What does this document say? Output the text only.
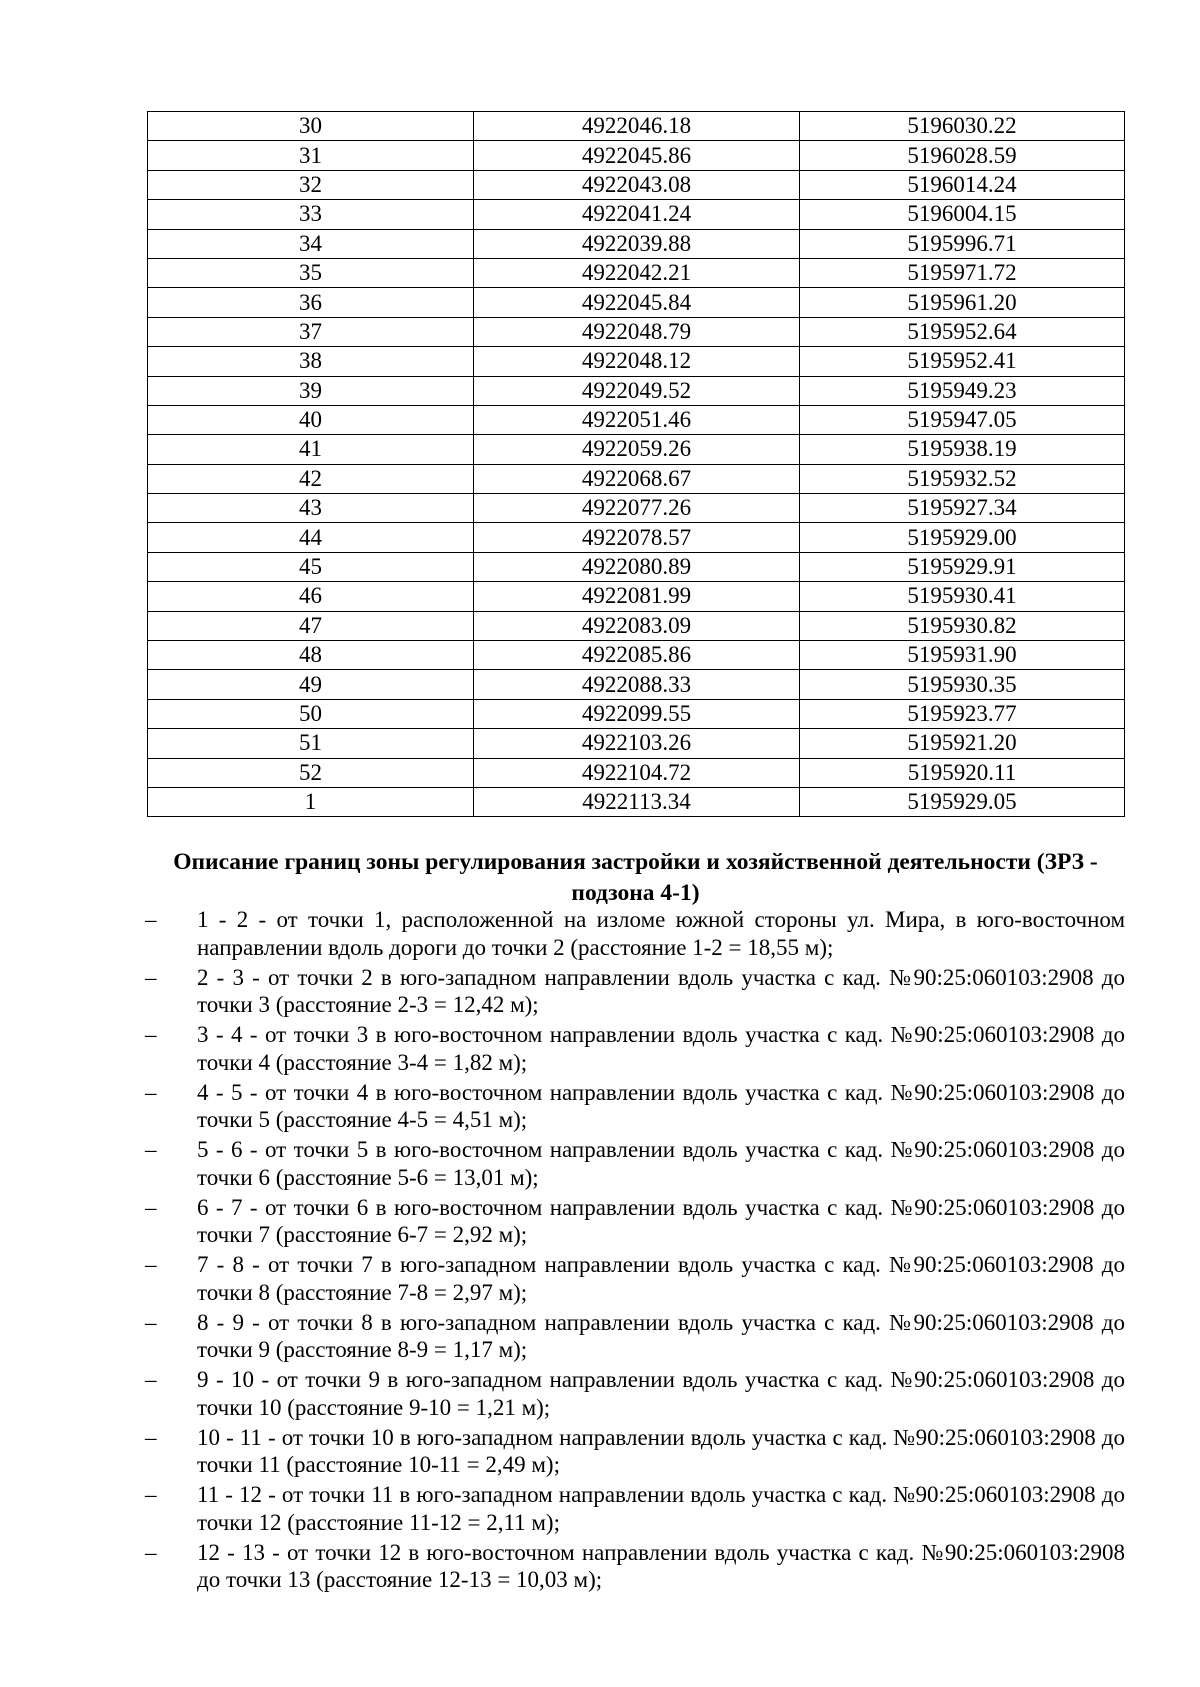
30	4922046.18	5196030.22
31	4922045.86	5196028.59
32	4922043.08	5196014.24
33	4922041.24	5196004.15
34	4922039.88	5195996.71
35	4922042.21	5195971.72
36	4922045.84	5195961.20
37	4922048.79	5195952.64
38	4922048.12	5195952.41
39	4922049.52	5195949.23
40	4922051.46	5195947.05
41	4922059.26	5195938.19
42	4922068.67	5195932.52
43	4922077.26	5195927.34
44	4922078.57	5195929.00
45	4922080.89	5195929.91
46	4922081.99	5195930.41
47	4922083.09	5195930.82
48	4922085.86	5195931.90
49	4922088.33	5195930.35
50	4922099.55	5195923.77
51	4922103.26	5195921.20
52	4922104.72	5195920.11
1	4922113.34	5195929.05
Описание границ зоны регулирования застройки и хозяйственной деятельности (ЗРЗ -
подзона 4-1)
– 1 - 2 - от точки 1, расположенной на изломе южной стороны ул. Мира, в юго-восточном направлении вдоль дороги до точки 2 (расстояние 1-2 = 18,55 м);
– 2 - 3 - от точки 2 в юго-западном направлении вдоль участка с кад. №90:25:060103:2908 до точки 3 (расстояние 2-3 = 12,42 м);
– 3 - 4 - от точки 3 в юго-восточном направлении вдоль участка с кад. №90:25:060103:2908 до точки 4 (расстояние 3-4 = 1,82 м);
– 4 - 5 - от точки 4 в юго-восточном направлении вдоль участка с кад. №90:25:060103:2908 до точки 5 (расстояние 4-5 = 4,51 м);
– 5 - 6 - от точки 5 в юго-восточном направлении вдоль участка с кад. №90:25:060103:2908 до точки 6 (расстояние 5-6 = 13,01 м);
– 6 - 7 - от точки 6 в юго-восточном направлении вдоль участка с кад. №90:25:060103:2908 до точки 7 (расстояние 6-7 = 2,92 м);
– 7 - 8 - от точки 7 в юго-западном направлении вдоль участка с кад. №90:25:060103:2908 до точки 8 (расстояние 7-8 = 2,97 м);
– 8 - 9 - от точки 8 в юго-западном направлении вдоль участка с кад. №90:25:060103:2908 до точки 9 (расстояние 8-9 = 1,17 м);
– 9 - 10 - от точки 9 в юго-западном направлении вдоль участка с кад. №90:25:060103:2908 до точки 10 (расстояние 9-10 = 1,21 м);
– 10 - 11 - от точки 10 в юго-западном направлении вдоль участка с кад. №90:25:060103:2908 до точки 11 (расстояние 10-11 = 2,49 м);
– 11 - 12 - от точки 11 в юго-западном направлении вдоль участка с кад. №90:25:060103:2908 до точки 12 (расстояние 11-12 = 2,11 м);
– 12 - 13 - от точки 12 в юго-восточном направлении вдоль участка с кад. №90:25:060103:2908 до точки 13 (расстояние 12-13 = 10,03 м);
